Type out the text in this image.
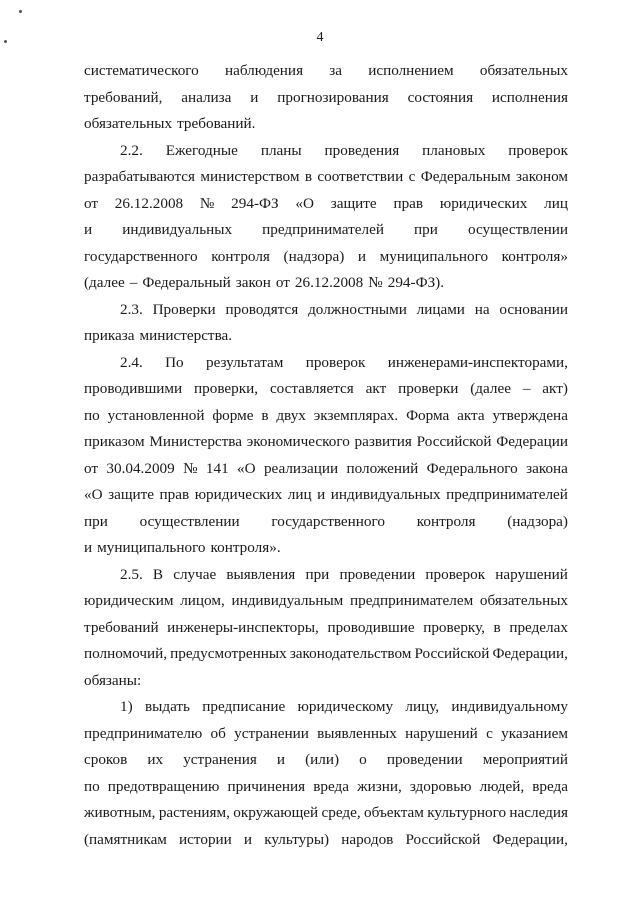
4
систематического наблюдения за исполнением обязательных
требований, анализа и прогнозирования состояния исполнения
обязательных требований.
2.2. Ежегодные планы проведения плановых проверок
разрабатываются министерством в соответствии с Федеральным законом
от 26.12.2008 № 294-ФЗ «О защите прав юридических лиц
и индивидуальных предпринимателей при осуществлении
государственного контроля (надзора) и муниципального контроля»
(далее – Федеральный закон от 26.12.2008 № 294-ФЗ).
2.3. Проверки проводятся должностными лицами на основании
приказа министерства.
2.4. По результатам проверок инженерами-инспекторами,
проводившими проверки, составляется акт проверки (далее – акт)
по установленной форме в двух экземплярах. Форма акта утверждена
приказом Министерства экономического развития Российской Федерации
от 30.04.2009 № 141 «О реализации положений Федерального закона
«О защите прав юридических лиц и индивидуальных предпринимателей
при осуществлении государственного контроля (надзора)
и муниципального контроля».
2.5. В случае выявления при проведении проверок нарушений
юридическим лицом, индивидуальным предпринимателем обязательных
требований инженеры-инспекторы, проводившие проверку, в пределах
полномочий, предусмотренных законодательством Российской Федерации,
обязаны:
1) выдать предписание юридическому лицу, индивидуальному
предпринимателю об устранении выявленных нарушений с указанием
сроков их устранения и (или) о проведении мероприятий
по предотвращению причинения вреда жизни, здоровью людей, вреда
животным, растениям, окружающей среде, объектам культурного наследия
(памятникам истории и культуры) народов Российской Федерации,
